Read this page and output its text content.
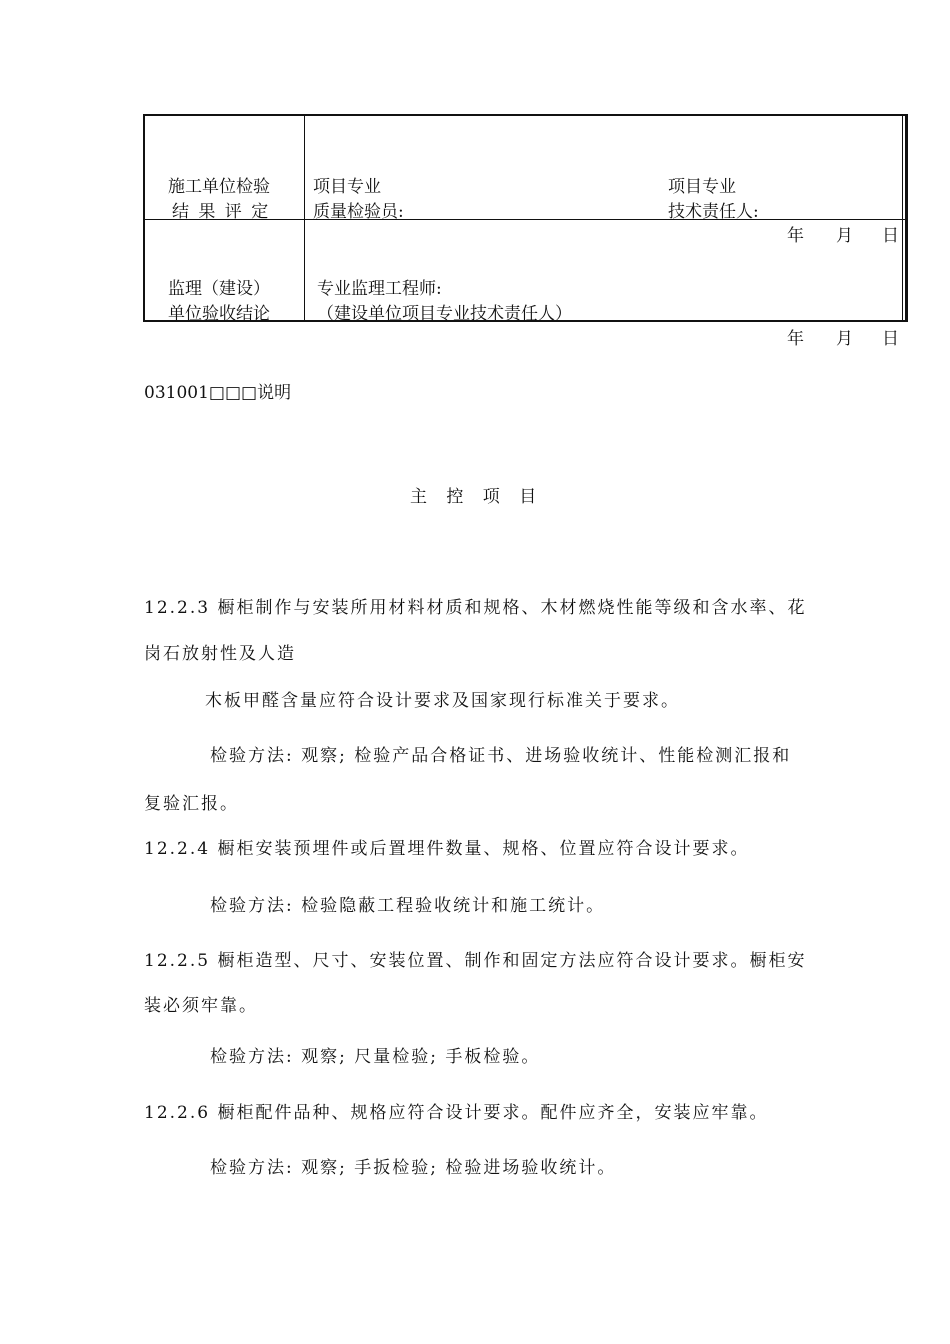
施工单位检验
结 果 评 定
项目专业
质量检验员:
项目专业
技术责任人:
年 月 日
监理（建设）
单位验收结论
专业监理工程师:
（建设单位项目专业技术责任人）
年 月 日
031001□□□说明
主 控 项 目
12.2.3 橱柜制作与安装所用材料材质和规格、木材燃烧性能等级和含水率、花
岗石放射性及人造
木板甲醛含量应符合设计要求及国家现行标准关于要求。
检验方法: 观察; 检验产品合格证书、进场验收统计、性能检测汇报和
复验汇报。
12.2.4 橱柜安装预埋件或后置埋件数量、规格、位置应符合设计要求。
检验方法: 检验隐蔽工程验收统计和施工统计。
12.2.5 橱柜造型、尺寸、安装位置、制作和固定方法应符合设计要求。橱柜安
装必须牢靠。
检验方法: 观察; 尺量检验; 手板检验。
12.2.6 橱柜配件品种、规格应符合设计要求。配件应齐全，安装应牢靠。
检验方法: 观察; 手扳检验; 检验进场验收统计。
